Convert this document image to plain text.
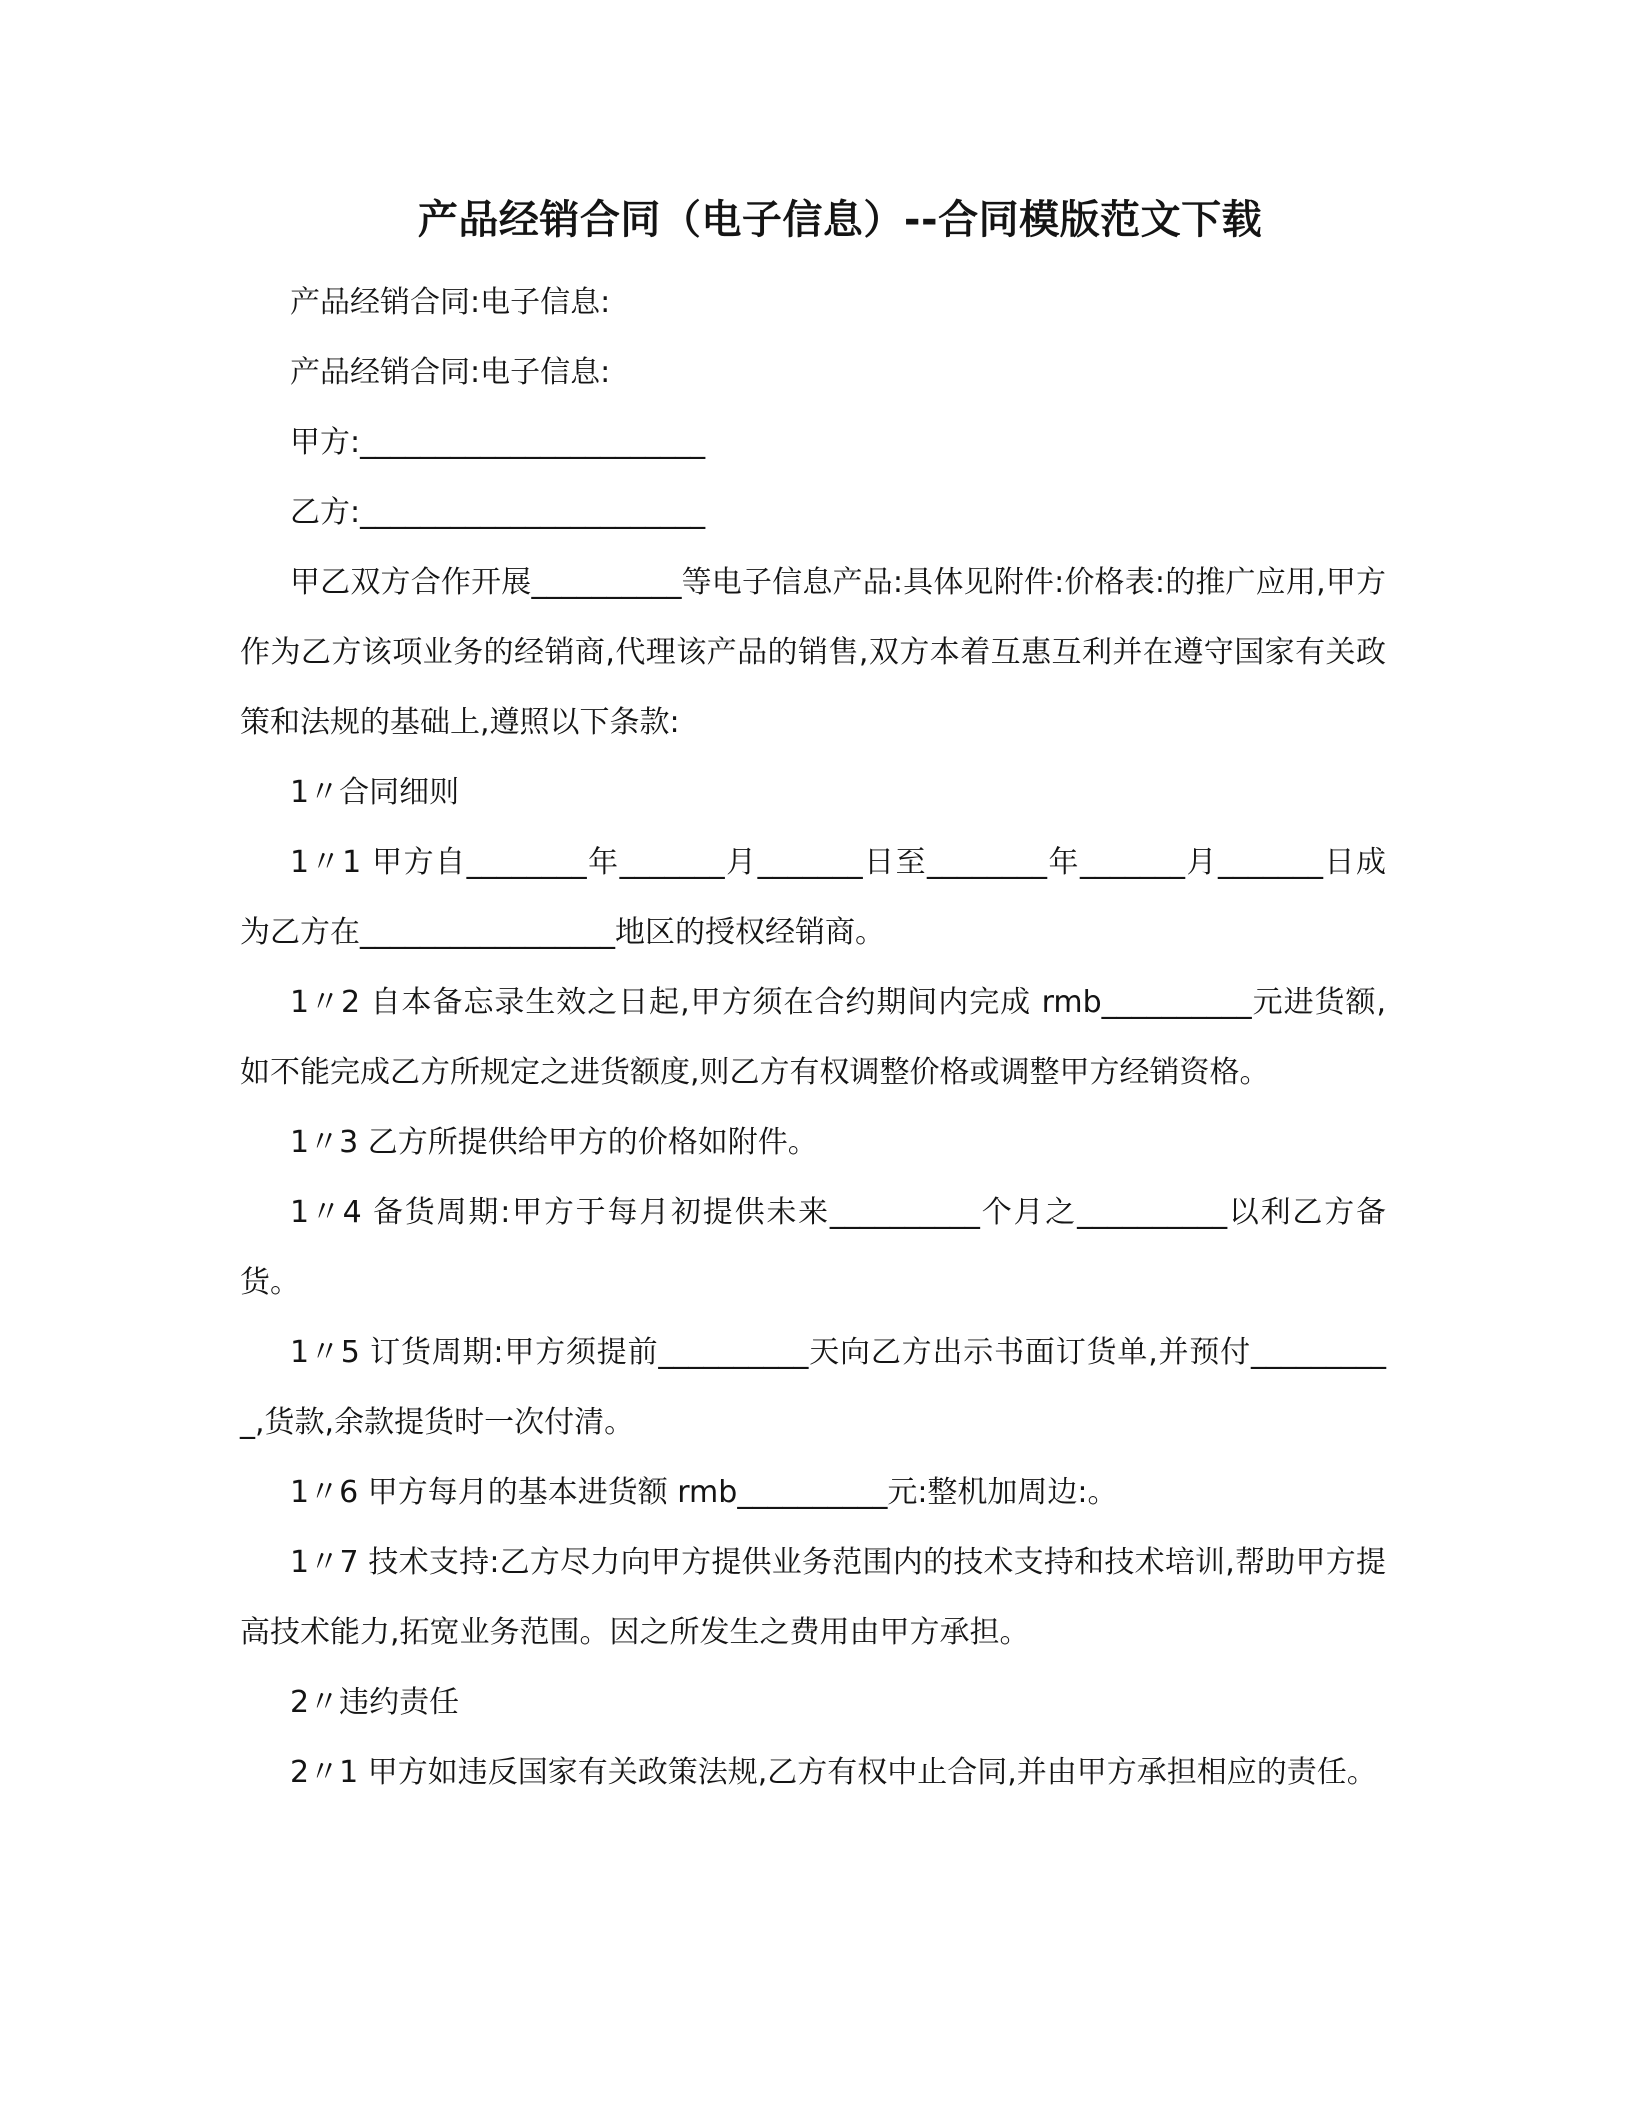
产品经销合同（电子信息）--合同模版范文下载

产品经销合同:电子信息:

产品经销合同:电子信息:

甲方:_______________________

乙方:_______________________

甲乙双方合作开展__________等电子信息产品:具体见附件:价格表:的推广应用,甲方作为乙方该项业务的经销商,代理该产品的销售,双方本着互惠互利并在遵守国家有关政策和法规的基础上,遵照以下条款:

1〃合同细则

1〃1 甲方自________年_______月_______日至________年_______月_______日成为乙方在_________________地区的授权经销商。

1〃2 自本备忘录生效之日起,甲方须在合约期间内完成 rmb__________元进货额,如不能完成乙方所规定之进货额度,则乙方有权调整价格或调整甲方经销资格。

1〃3 乙方所提供给甲方的价格如附件。

1〃4 备货周期:甲方于每月初提供未来__________个月之__________以利乙方备货。

1〃5 订货周期:甲方须提前__________天向乙方出示书面订货单,并预付__________,货款,余款提货时一次付清。

1〃6 甲方每月的基本进货额 rmb__________元:整机加周边:。

1〃7 技术支持:乙方尽力向甲方提供业务范围内的技术支持和技术培训,帮助甲方提高技术能力,拓宽业务范围。因之所发生之费用由甲方承担。

2〃违约责任

2〃1 甲方如违反国家有关政策法规,乙方有权中止合同,并由甲方承担相应的责任。
